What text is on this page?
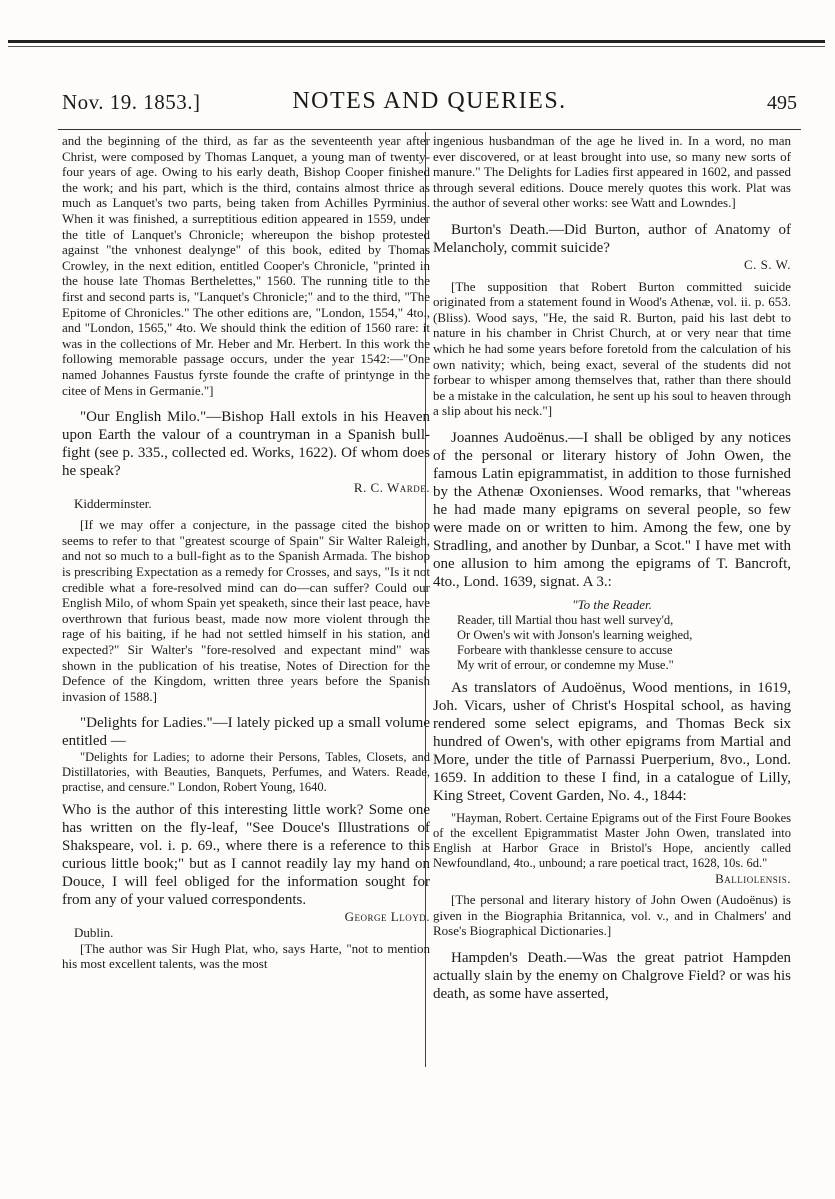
Nov. 19. 1853.]	NOTES AND QUERIES.	495

and the beginning of the third, as far as the seventeenth year after Christ, were composed by Thomas Lanquet, a young man of twenty-four years of age. Owing to his early death, Bishop Cooper finished the work; and his part, which is the third, contains almost thrice as much as Lanquet's two parts, being taken from Achilles Pyrminius. When it was finished, a surreptitious edition appeared in 1559, under the title of Lanquet's Chronicle; whereupon the bishop protested against "the vnhonest dealynge" of this book, edited by Thomas Crowley, in the next edition, entitled Cooper's Chronicle, "printed in the house late Thomas Berthelettes," 1560. The running title to the first and second parts is, "Lanquet's Chronicle;" and to the third, "The Epitome of Chronicles." The other editions are, "London, 1554," 4to., and "London, 1565," 4to. We should think the edition of 1560 rare: it was in the collections of Mr. Heber and Mr. Herbert. In this work the following memorable passage occurs, under the year 1542:—"One named Johannes Faustus fyrste founde the crafte of printynge in the citee of Mens in Germanie."]

"Our English Milo."—Bishop Hall extols in his Heaven upon Earth the valour of a countryman in a Spanish bull-fight (see p. 335., collected ed. Works, 1622). Of whom does he speak?

R. C. Warde.

Kidderminster.

[If we may offer a conjecture, in the passage cited the bishop seems to refer to that "greatest scourge of Spain" Sir Walter Raleigh, and not so much to a bull-fight as to the Spanish Armada. The bishop is prescribing Expectation as a remedy for Crosses, and says, "Is it not credible what a fore-resolved mind can do—can suffer? Could our English Milo, of whom Spain yet speaketh, since their last peace, have overthrown that furious beast, made now more violent through the rage of his baiting, if he had not settled himself in his station, and expected?" Sir Walter's "fore-resolved and expectant mind" was shown in the publication of his treatise, Notes of Direction for the Defence of the Kingdom, written three years before the Spanish invasion of 1588.]

"Delights for Ladies."—I lately picked up a small volume entitled —

"Delights for Ladies; to adorne their Persons, Tables, Closets, and Distillatories, with Beauties, Banquets, Perfumes, and Waters. Reade, practise, and censure." London, Robert Young, 1640.

Who is the author of this interesting little work? Some one has written on the fly-leaf, "See Douce's Illustrations of Shakspeare, vol. i. p. 69., where there is a reference to this curious little book;" but as I cannot readily lay my hand on Douce, I will feel obliged for the information sought for from any of your valued correspondents.

George Lloyd.

Dublin.

[The author was Sir Hugh Plat, who, says Harte, "not to mention his most excellent talents, was the most

ingenious husbandman of the age he lived in. In a word, no man ever discovered, or at least brought into use, so many new sorts of manure." The Delights for Ladies first appeared in 1602, and passed through several editions. Douce merely quotes this work. Plat was the author of several other works: see Watt and Lowndes.]

Burton's Death.—Did Burton, author of Anatomy of Melancholy, commit suicide?

C. S. W.

[The supposition that Robert Burton committed suicide originated from a statement found in Wood's Athenæ, vol. ii. p. 653. (Bliss). Wood says, "He, the said R. Burton, paid his last debt to nature in his chamber in Christ Church, at or very near that time which he had some years before foretold from the calculation of his own nativity; which, being exact, several of the students did not forbear to whisper among themselves that, rather than there should be a mistake in the calculation, he sent up his soul to heaven through a slip about his neck."]

Joannes Audoënus.—I shall be obliged by any notices of the personal or literary history of John Owen, the famous Latin epigrammatist, in addition to those furnished by the Athenæ Oxonienses. Wood remarks, that "whereas he had made many epigrams on several people, so few were made on or written to him. Among the few, one by Stradling, and another by Dunbar, a Scot." I have met with one allusion to him among the epigrams of T. Bancroft, 4to., Lond. 1639, signat. A 3.:

"To the Reader.

Reader, till Martial thou hast well survey'd,

Or Owen's wit with Jonson's learning weighed,

Forbeare with thanklesse censure to accuse

My writ of errour, or condemne my Muse."

As translators of Audoënus, Wood mentions, in 1619, Joh. Vicars, usher of Christ's Hospital school, as having rendered some select epigrams, and Thomas Beck six hundred of Owen's, with other epigrams from Martial and More, under the title of Parnassi Puerperium, 8vo., Lond. 1659. In addition to these I find, in a catalogue of Lilly, King Street, Covent Garden, No. 4., 1844:

"Hayman, Robert. Certaine Epigrams out of the First Foure Bookes of the excellent Epigrammatist Master John Owen, translated into English at Harbor Grace in Bristol's Hope, anciently called Newfoundland, 4to., unbound; a rare poetical tract, 1628, 10s. 6d."

Balliolensis.

[The personal and literary history of John Owen (Audoënus) is given in the Biographia Britannica, vol. v., and in Chalmers' and Rose's Biographical Dictionaries.]

Hampden's Death.—Was the great patriot Hampden actually slain by the enemy on Chalgrove Field? or was his death, as some have asserted,
